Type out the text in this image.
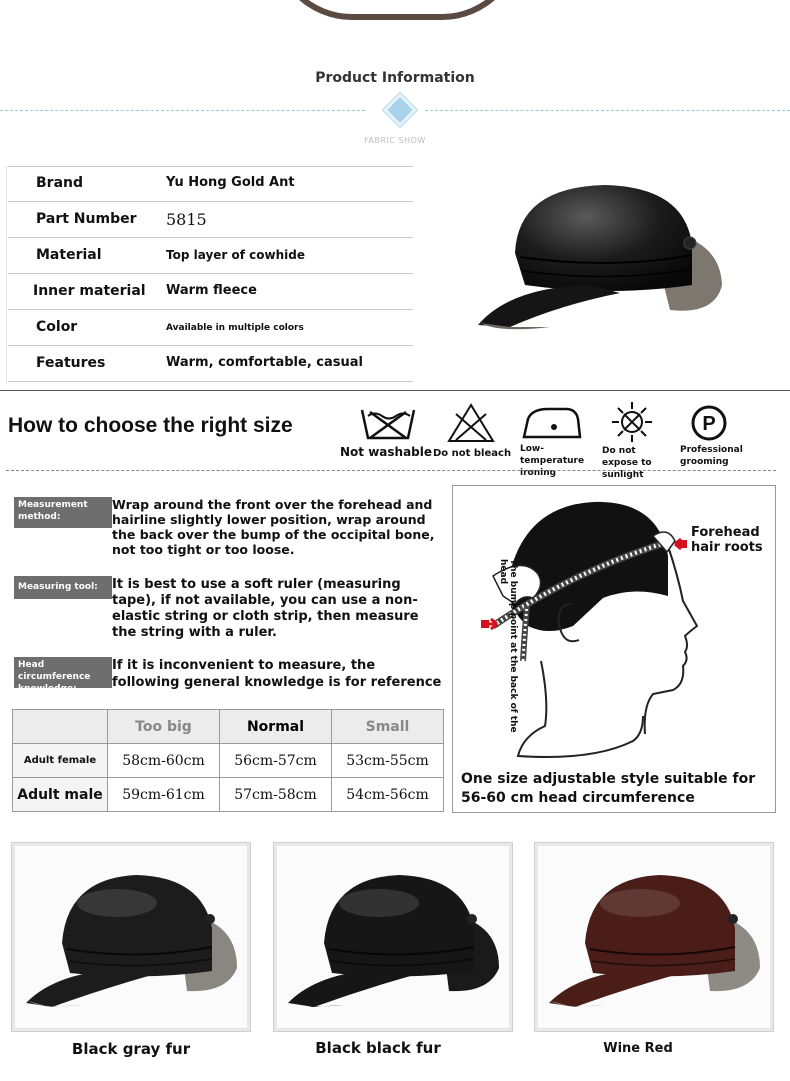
Product Information
FABRIC SHOW
Brand	Yu Hong Gold Ant
Part Number 5815
Material	Top layer of cowhide
Inner material Warm fleece
Color	Available in multiple colors
Features	Warm, comfortable, casual
How to choose the right size	P
Not washable Do not bleach Low-temperature ironing
Do not expose to sunlight
Professional grooming
Measurement method:
Wrap around the front over the forehead and hairline slightly lower position, wrap around the back over the bump of the occipital bone, not too tight or too loose.
Measuring tool:	It is best to use a soft ruler (measuring tape), if not available, you can use a non-elastic string or cloth strip, then measure the string with a ruler.
Head circumference knowledge:
If it is inconvenient to measure, the following general knowledge is for reference
	Too big	Normal	Small
Adult female	58cm-60cm	56cm-57cm	53cm-55cm
Adult male	59cm-61cm	57cm-58cm	54cm-56cm
Forehead hair roots
The bump point at the back of the head
One size adjustable style suitable for 56-60 cm head circumference
Black gray fur	Black black fur	Wine Red
